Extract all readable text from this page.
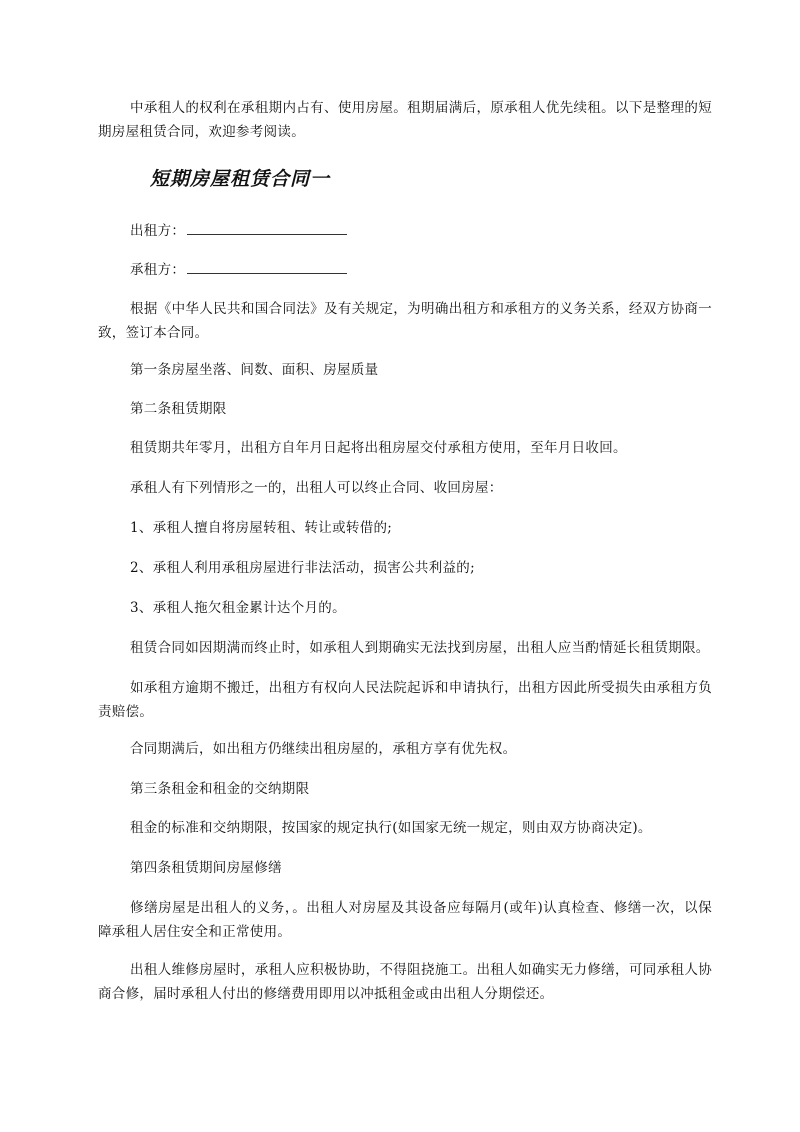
中承租人的权利在承租期内占有、使用房屋。租期届满后，原承租人优先续租。以下是整理的短期房屋租赁合同，欢迎参考阅读。

短期房屋租赁合同一

出租方：

承租方：

根据《中华人民共和国合同法》及有关规定，为明确出租方和承租方的义务关系，经双方协商一致，签订本合同。

第一条房屋坐落、间数、面积、房屋质量

第二条租赁期限

租赁期共年零月，出租方自年月日起将出租房屋交付承租方使用，至年月日收回。

承租人有下列情形之一的，出租人可以终止合同、收回房屋：

1、承租人擅自将房屋转租、转让或转借的;

2、承租人利用承租房屋进行非法活动，损害公共利益的;

3、承租人拖欠租金累计达个月的。

租赁合同如因期满而终止时，如承租人到期确实无法找到房屋，出租人应当酌情延长租赁期限。

如承租方逾期不搬迁，出租方有权向人民法院起诉和申请执行，出租方因此所受损失由承租方负责赔偿。

合同期满后，如出租方仍继续出租房屋的，承租方享有优先权。

第三条租金和租金的交纳期限

租金的标准和交纳期限，按国家的规定执行(如国家无统一规定，则由双方协商决定)。

第四条租赁期间房屋修缮

修缮房屋是出租人的义务，。出租人对房屋及其设备应每隔月(或年)认真检查、修缮一次，以保障承租人居住安全和正常使用。

出租人维修房屋时，承租人应积极协助，不得阻挠施工。出租人如确实无力修缮，可同承租人协商合修，届时承租人付出的修缮费用即用以冲抵租金或由出租人分期偿还。
